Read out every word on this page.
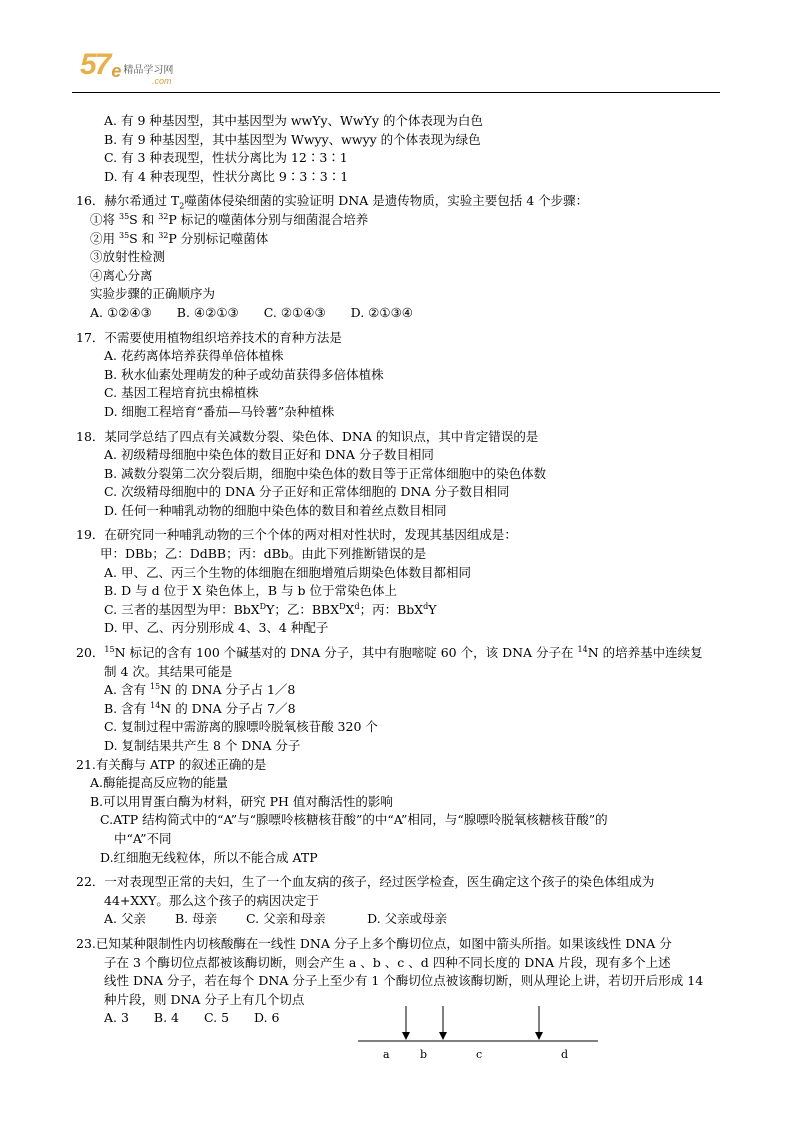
57 e 精品学习网
.com
A. 有 9 种基因型，其中基因型为 wwYy、WwYy 的个体表现为白色
B. 有 9 种基因型，其中基因型为 Wwyy、wwyy 的个体表现为绿色
C. 有 3 种表现型，性状分离比为 12∶3∶1
D. 有 4 种表现型，性状分离比 9∶3∶3∶1
16．赫尔希通过 $T_2$噬菌体侵染细菌的实验证明 DNA 是遗传物质，实验主要包括 4 个步骤：
①将 $^{35}$S 和 $^{32}$P 标记的噬菌体分别与细菌混合培养
②用 $^{35}$S 和 $^{32}$P 分别标记噬菌体
③放射性检测
④离心分离
实验步骤的正确顺序为
A. ①②④③　　B. ④②①③　　C. ②①④③　　D. ②①③④
17．不需要使用植物组织培养技术的育种方法是
A. 花药离体培养获得单倍体植株
B. 秋水仙素处理萌发的种子或幼苗获得多倍体植株
C. 基因工程培育抗虫棉植株
D. 细胞工程培育“番茄—马铃薯”杂种植株
18．某同学总结了四点有关减数分裂、染色体、DNA 的知识点，其中肯定错误的是
A. 初级精母细胞中染色体的数目正好和 DNA 分子数目相同
B. 减数分裂第二次分裂后期，细胞中染色体的数目等于正常体细胞中的染色体数
C. 次级精母细胞中的 DNA 分子正好和正常体细胞的 DNA 分子数目相同
D. 任何一种哺乳动物的细胞中染色体的数目和着丝点数目相同
19．在研究同一种哺乳动物的三个个体的两对相对性状时，发现其基因组成是：
甲：DBb；乙：DdBB；丙：dBb。由此下列推断错误的是
A. 甲、乙、丙三个生物的体细胞在细胞增殖后期染色体数目都相同
B. D 与 d 位于 X 染色体上，B 与 b 位于常染色体上
C. 三者的基因型为甲：BbX$^D$Y；乙：$BBX^DX^d$；丙：BbX$^d$Y
D. 甲、乙、丙分别形成 4、3、4 种配子
20．$^{15}$N 标记的含有 100 个碱基对的 DNA 分子，其中有胞嘧啶 60 个，该 DNA 分子在 $^{14}$N 的培养基中连续复
制 4 次。其结果可能是
A. 含有 $^{15}$N 的 DNA 分子占 1／8
B. 含有 $^{14}$N 的 DNA 分子占 7／8
C. 复制过程中需游离的腺嘌呤脱氧核苷酸 320 个
D. 复制结果共产生 8 个 DNA 分子
21.有关酶与 ATP 的叙述正确的是
A.酶能提高反应物的能量
B.可以用胃蛋白酶为材料，研究 PH 值对酶活性的影响
C.ATP 结构简式中的“A”与“腺嘌呤核糖核苷酸”的中“A”相同，与“腺嘌呤脱氧核糖核苷酸”的
中“A”不同
D.红细胞无线粒体，所以不能合成 ATP
22．一对表现型正常的夫妇，生了一个血友病的孩子，经过医学检查，医生确定这个孩子的染色体组成为
44+XXY。那么这个孩子的病因决定于
A. 父亲　　 B. 母亲　　 C. 父亲和母亲　　　 D. 父亲或母亲
23.已知某种限制性内切核酸酶在一线性 DNA 分子上多个酶切位点，如图中箭头所指。如果该线性 DNA 分
子在 3 个酶切位点都被该酶切断，则会产生 a 、b 、c 、d 四种不同长度的 DNA 片段，现有多个上述
线性 DNA 分子，若在每个 DNA 分子上至少有 1 个酶切位点被该酶切断，则从理论上讲，若切开后形成 14
种片段，则 DNA 分子上有几个切点
A. 3　　B. 4　　C. 5　　D. 6
a	b	c	d
